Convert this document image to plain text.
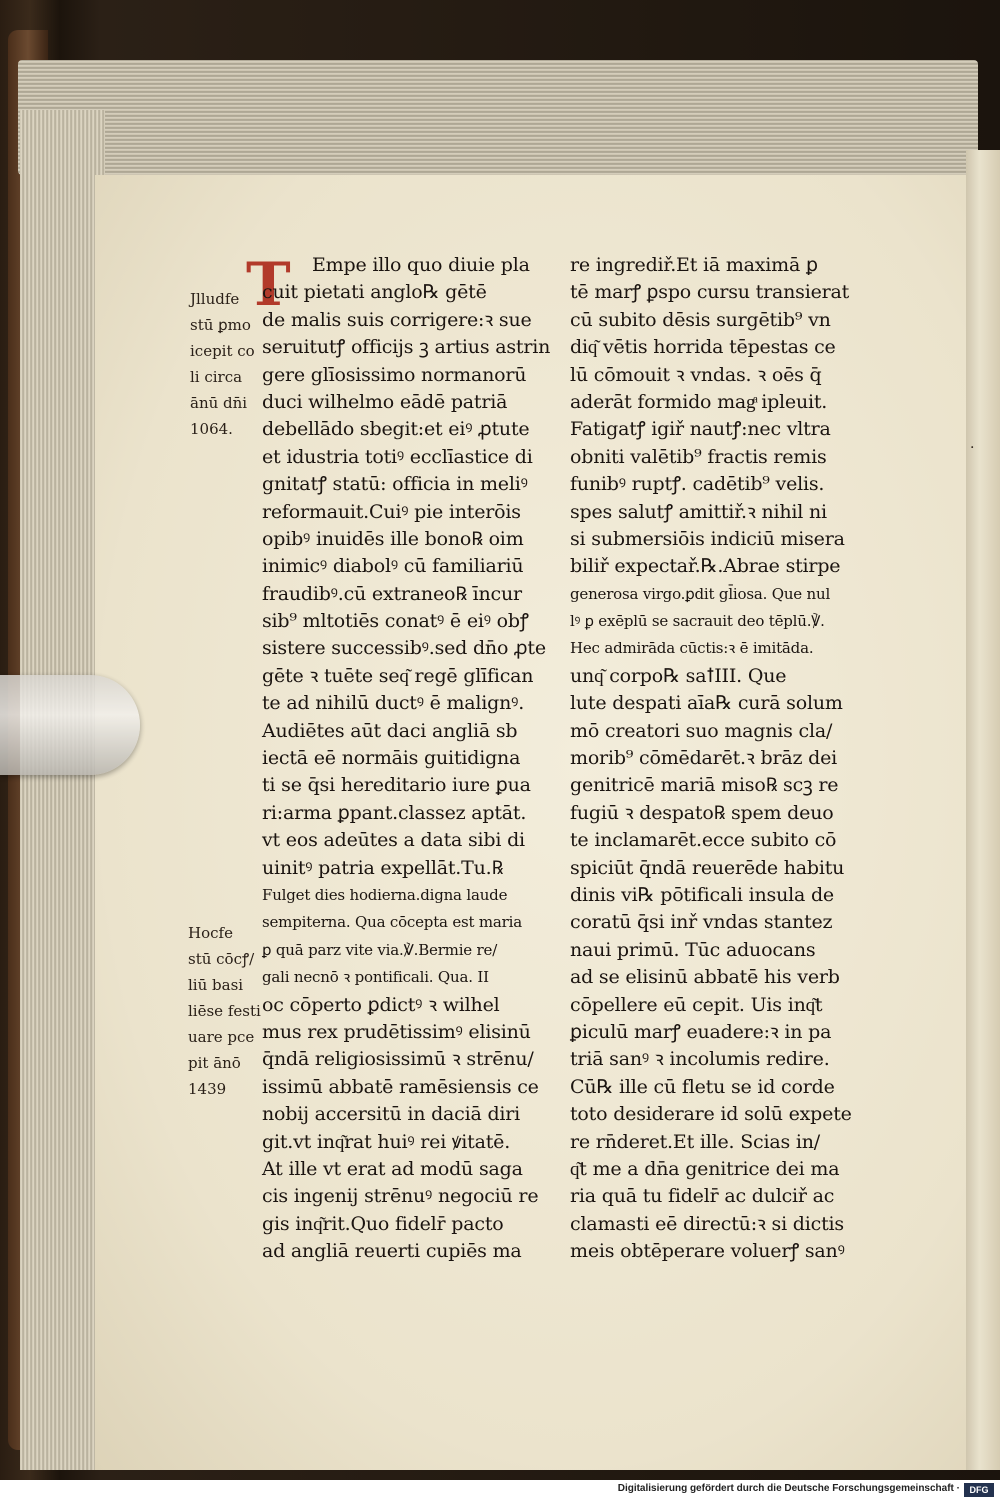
·
T	Empe illo quo diuie pla
cuit pietati anglo℞ gētē
de malis suis corrigere:ꝛ sue
seruitutꝭ officijs ꝫ artius astrin
gere glīosissimo normanorū
duci wilhelmo eādē patriā
debellādo sbegit:et eiꝰ ꝓtute
et idustria totiꝰ ecclīastice di
gnitatꝭ statū: officia in meliꝰ
reformauit.Cuiꝰ pie interōis
opibꝰ inuidēs ille bono℞ oim
inimicꝰ diabolꝰ cū familiariū
fraudibꝰ.cū extraneo℞ īncur
sib⁹ mltotiēs conatꝰ ē eiꝰ obꝭ
sistere successibꝰ.sed dn̄o ꝓte
gēte ꝛ tuēte seq͂ regē glīfican
te ad nihilū ductꝰ ē malignꝰ.
Audiētes aūt daci angliā sb
iectā eē normāis guitidigna
ti se q̄si hereditario iure ꝑua
ri:arma ꝑpant.classez aptāt.
vt eos adeūtes a data sibi di
uinitꝰ patria expellāt.Tu.℞
Fulget dies hodierna.digna laude
sempiterna. Qua cōcepta est maria
ꝑ quā parz vite via.℣.Bermie re/
gali necnō ꝛ pontificali. Qua. II
oc cōperto ꝑdictꝰ ꝛ wilhel
mus rex prudētissimꝰ elisinū
q̄ndā religiosissimū ꝛ strēnu/
issimū abbatē ramēsiensis ce
nobij accersitū in daciā diri
git.vt inq͂rat huiꝰ rei ꝟitatē.
At ille vt erat ad modū saga
cis ingenij strēnuꝰ negociū re
gis inq͂rit.Quo fidelr̄ pacto
ad angliā reuerti cupiēs ma
re ingrediř.Et iā maximā ꝑ
tē marꝭ ꝑspo cursu transierat
cū subito dēsis surgētib⁹ vn
diq͂ vētis horrida tēpestas ce
lū cōmouit ꝛ vndas. ꝛ oēs q̄
aderāt formido magͣ ipleuit.
Fatigatꝭ igiř nautꝭ:nec vltra
obniti valētib⁹ fractis remis
funibꝰ ruptꝭ. cadētib⁹ velis.
spes salutꝭ amittiř.ꝛ nihil ni
si submersiōis indiciū misera
biliř expectař.℞.Abrae stirpe
generosa virgo.ꝑdit gl̄iosa. Que nul
lꝰ ꝑ exēplū se sacrauit deo tēplū.℣.
Hec admirāda cūctis:ꝛ ē imitāda.
unq͂ corpo℞ saꝉIII. Que
lute despati aīa℞ curā solum
mō creatori suo magnis cla/
morib⁹ cōmēdarēt.ꝛ brāz dei
genitricē mariā miso℞ scꝫ re
fugiū ꝛ despato℞ spem deuo
te inclamarēt.ecce subito cō
spiciūt q̄ndā reuerēde habitu
dinis vi℞ pōtificali insula de
coratū q̄si inř vndas stantez
naui primū. Tūc aduocans
ad se elisinū abbatē his verb
cōpellere eū cepit. Uis inq͂t
ꝑiculū marꝭ euadere:ꝛ in pa
triā sanꝰ ꝛ incolumis redire.
Cū℞ ille cū fletu se id corde
toto desiderare id solū expete
re rn̄deret.Et ille. Scias in/
q͂t me a dn̄a genitrice dei ma
ria quā tu fidelr̄ ac dulciř ac
clamasti eē directū:ꝛ si dictis
meis obtēperare voluerꝭ sanꝰ
Jlludfe
stū ꝑmo
icepit co
li circa
ānū dn̄i
1064.
Hocfe
stū cōcꝭ/
liū basi
liēse festi
uare pce
pit ānō
1439
Digitalisierung gefördert durch die Deutsche Forschungsgemeinschaft ·	DFG
